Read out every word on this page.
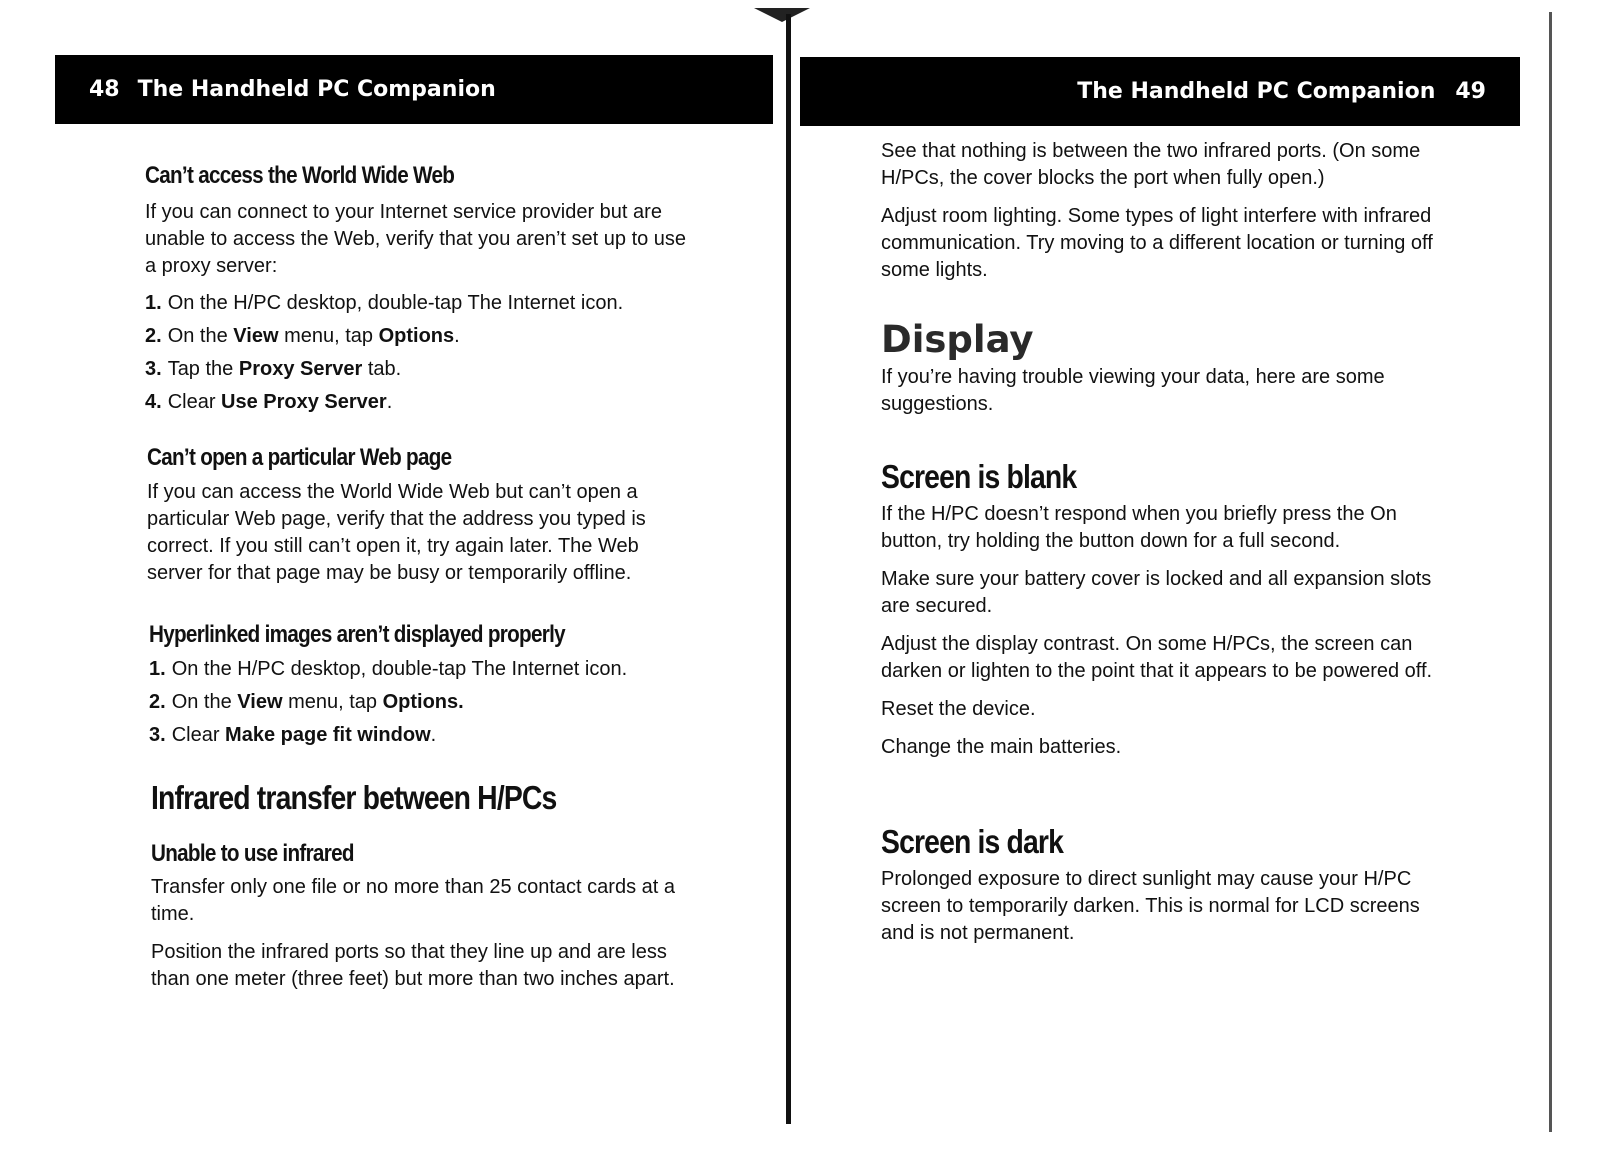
48 The Handheld PC Companion
Can’t access the World Wide Web

If you can connect to your Internet service provider but are unable to access the Web, verify that you aren’t set up to use a proxy server:

1. On the H/PC desktop, double-tap The Internet icon.
2. On the View menu, tap Options.
3. Tap the Proxy Server tab.
4. Clear Use Proxy Server.
Can’t open a particular Web page

If you can access the World Wide Web but can’t open a particular Web page, verify that the address you typed is correct. If you still can’t open it, try again later. The Web server for that page may be busy or temporarily offline.

Hyperlinked images aren’t displayed properly
1. On the H/PC desktop, double-tap The Internet icon.
2. On the View menu, tap Options.
3. Clear Make page fit window.
Infrared transfer between H/PCs
Unable to use infrared

Transfer only one file or no more than 25 contact cards at a time.

Position the infrared ports so that they line up and are less than one meter (three feet) but more than two inches apart.

The Handheld PC Companion 49

See that nothing is between the two infrared ports. (On some H/PCs, the cover blocks the port when fully open.)

Adjust room lighting. Some types of light interfere with infrared communication. Try moving to a different location or turning off some lights.

Display

If you’re having trouble viewing your data, here are some suggestions.

Screen is blank

If the H/PC doesn’t respond when you briefly press the On button, try holding the button down for a full second.

Make sure your battery cover is locked and all expansion slots are secured.

Adjust the display contrast. On some H/PCs, the screen can darken or lighten to the point that it appears to be powered off.

Reset the device.

Change the main batteries.

Screen is dark

Prolonged exposure to direct sunlight may cause your H/PC screen to temporarily darken. This is normal for LCD screens and is not permanent.
